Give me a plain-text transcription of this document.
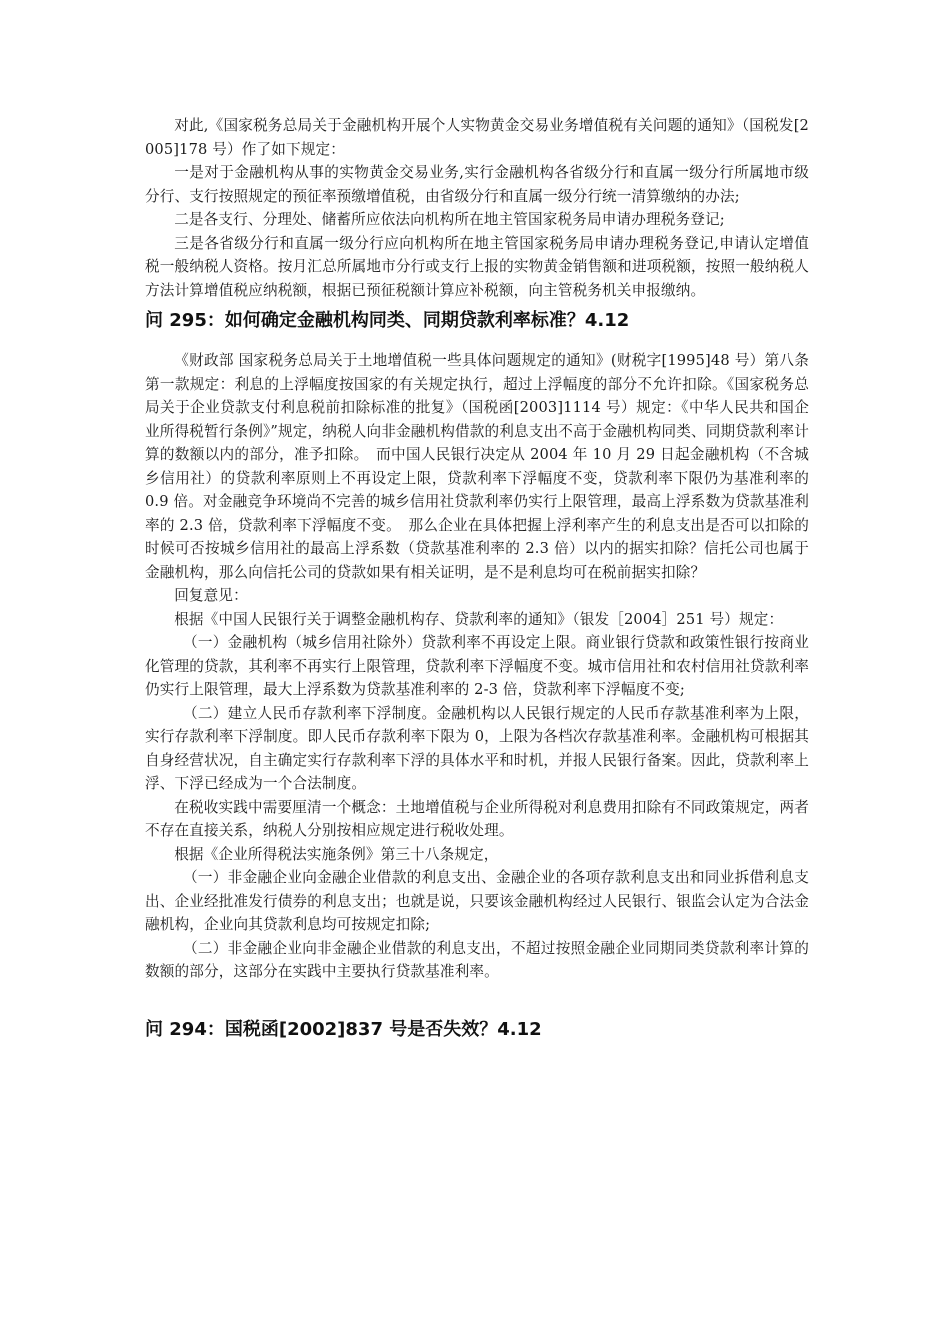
对此,《国家税务总局关于金融机构开展个人实物黄金交易业务增值税有关问题的通知》（国税发[2005]178 号）作了如下规定：

一是对于金融机构从事的实物黄金交易业务,实行金融机构各省级分行和直属一级分行所属地市级分行、支行按照规定的预征率预缴增值税，由省级分行和直属一级分行统一清算缴纳的办法;

二是各支行、分理处、储蓄所应依法向机构所在地主管国家税务局申请办理税务登记;

三是各省级分行和直属一级分行应向机构所在地主管国家税务局申请办理税务登记,申请认定增值税一般纳税人资格。按月汇总所属地市分行或支行上报的实物黄金销售额和进项税额，按照一般纳税人方法计算增值税应纳税额，根据已预征税额计算应补税额，向主管税务机关申报缴纳。

问 295：如何确定金融机构同类、同期贷款利率标准？4.12

《财政部 国家税务总局关于土地增值税一些具体问题规定的通知》(财税字[1995]48 号）第八条第一款规定：利息的上浮幅度按国家的有关规定执行，超过上浮幅度的部分不允许扣除。《国家税务总局关于企业贷款支付利息税前扣除标准的批复》（国税函[2003]1114 号）规定：《中华人民共和国企业所得税暂行条例》”规定，纳税人向非金融机构借款的利息支出不高于金融机构同类、同期贷款利率计算的数额以内的部分，准予扣除。　而中国人民银行决定从 2004 年 10 月 29 日起金融机构（不含城乡信用社）的贷款利率原则上不再设定上限，贷款利率下浮幅度不变，贷款利率下限仍为基准利率的 0.9 倍。对金融竞争环境尚不完善的城乡信用社贷款利率仍实行上限管理，最高上浮系数为贷款基准利率的 2.3 倍，贷款利率下浮幅度不变。　那么企业在具体把握上浮利率产生的利息支出是否可以扣除的时候可否按城乡信用社的最高上浮系数（贷款基准利率的 2.3 倍）以内的据实扣除？信托公司也属于金融机构，那么向信托公司的贷款如果有相关证明，是不是利息均可在税前据实扣除？

回复意见：

根据《中国人民银行关于调整金融机构存、贷款利率的通知》（银发［2004］251 号）规定：

（一）金融机构（城乡信用社除外）贷款利率不再设定上限。商业银行贷款和政策性银行按商业化管理的贷款，其利率不再实行上限管理，贷款利率下浮幅度不变。城市信用社和农村信用社贷款利率仍实行上限管理，最大上浮系数为贷款基准利率的 2-3 倍，贷款利率下浮幅度不变;

（二）建立人民币存款利率下浮制度。金融机构以人民银行规定的人民币存款基准利率为上限，实行存款利率下浮制度。即人民币存款利率下限为 0，上限为各档次存款基准利率。金融机构可根据其自身经营状况，自主确定实行存款利率下浮的具体水平和时机，并报人民银行备案。因此，贷款利率上浮、下浮已经成为一个合法制度。

在税收实践中需要厘清一个概念：土地增值税与企业所得税对利息费用扣除有不同政策规定，两者不存在直接关系，纳税人分别按相应规定进行税收处理。

根据《企业所得税法实施条例》第三十八条规定，

（一）非金融企业向金融企业借款的利息支出、金融企业的各项存款利息支出和同业拆借利息支出、企业经批准发行债券的利息支出；也就是说，只要该金融机构经过人民银行、银监会认定为合法金融机构，企业向其贷款利息均可按规定扣除;

（二）非金融企业向非金融企业借款的利息支出，不超过按照金融企业同期同类贷款利率计算的数额的部分，这部分在实践中主要执行贷款基准利率。

问 294：国税函[2002]837 号是否失效？4.12
